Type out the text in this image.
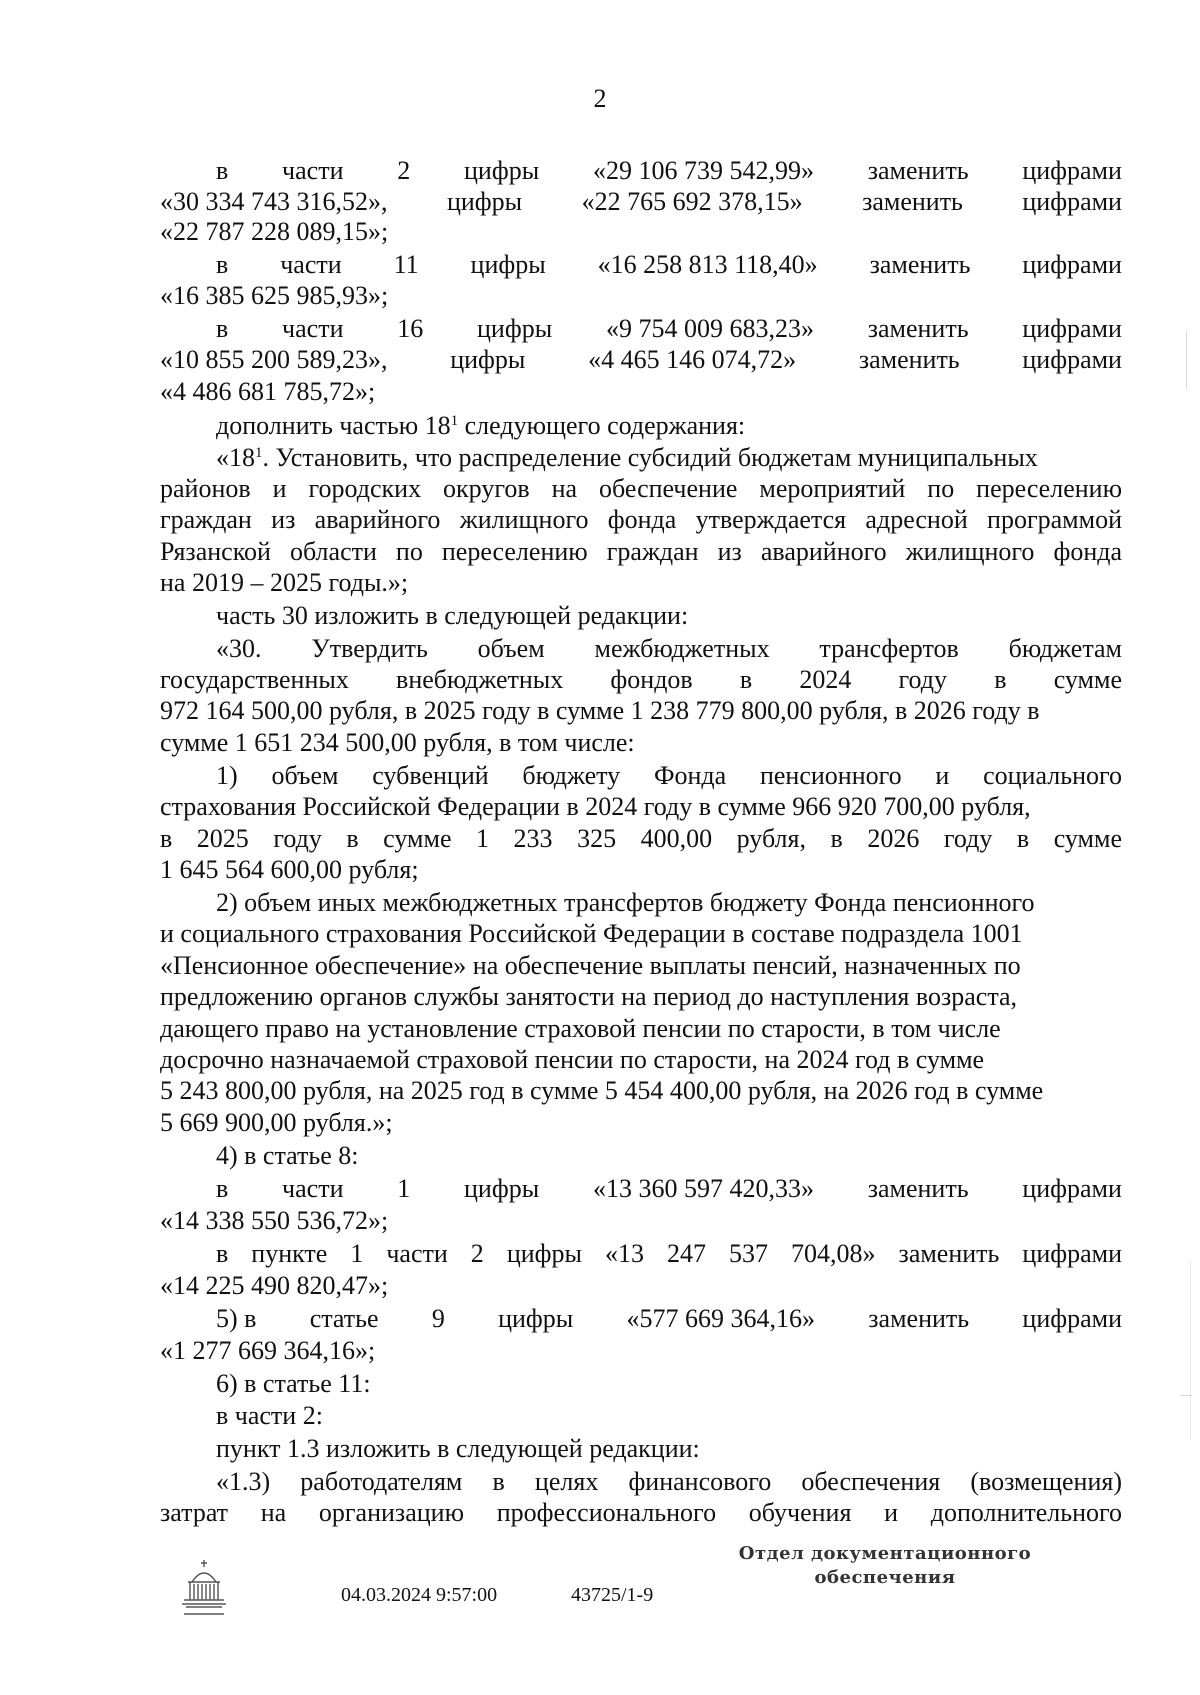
2
в части 2 цифры «29 106 739 542,99» заменить цифрами
«30 334 743 316,52», цифры «22 765 692 378,15» заменить цифрами
«22 787 228 089,15»;
в части 11 цифры «16 258 813 118,40» заменить цифрами
«16 385 625 985,93»;
в части 16 цифры «9 754 009 683,23» заменить цифрами
«10 855 200 589,23», цифры «4 465 146 074,72» заменить цифрами
«4 486 681 785,72»;
дополнить частью $18^1$ следующего содержания:
«$18^1$. Установить, что распределение субсидий бюджетам муниципальных
районов и городских округов на обеспечение мероприятий по переселению
граждан из аварийного жилищного фонда утверждается адресной программой
Рязанской области по переселению граждан из аварийного жилищного фонда
на 2019 – 2025 годы.»;
часть 30 изложить в следующей редакции:
«30. Утвердить объем межбюджетных трансфертов бюджетам
государственных внебюджетных фондов в 2024 году в сумме
972 164 500,00 рубля, в 2025 году в сумме 1 238 779 800,00 рубля, в 2026 году в
сумме 1 651 234 500,00 рубля, в том числе:
1) объем субвенций бюджету Фонда пенсионного и социального
страхования Российской Федерации в 2024 году в сумме 966 920 700,00 рубля,
в 2025 году в сумме 1 233 325 400,00 рубля, в 2026 году в сумме
1 645 564 600,00 рубля;
2) объем иных межбюджетных трансфертов бюджету Фонда пенсионного
и социального страхования Российской Федерации в составе подраздела 1001
«Пенсионное обеспечение» на обеспечение выплаты пенсий, назначенных по
предложению органов службы занятости на период до наступления возраста,
дающего право на установление страховой пенсии по старости, в том числе
досрочно назначаемой страховой пенсии по старости, на 2024 год в сумме
5 243 800,00 рубля, на 2025 год в сумме 5 454 400,00 рубля, на 2026 год в сумме
5 669 900,00 рубля.»;
4) в статье 8:
в части 1 цифры «13 360 597 420,33» заменить цифрами
«14 338 550 536,72»;
в пункте 1 части 2 цифры «13 247 537 704,08» заменить цифрами
«14 225 490 820,47»;
5) в статье 9 цифры «577 669 364,16» заменить цифрами
«1 277 669 364,16»;
6) в статье 11:
в части 2:
пункт 1.3 изложить в следующей редакции:
«1.3) работодателям в целях финансового обеспечения (возмещения)
затрат на организацию профессионального обучения и дополнительного
04.03.2024 9:57:00	43725/1-9
Отдел документационного
обеспечения
